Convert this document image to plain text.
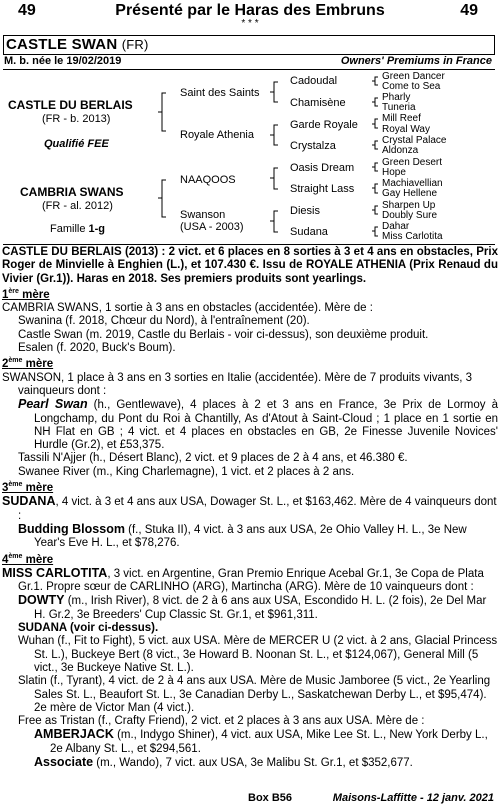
49	Présenté par le Haras des Embruns	49
* * *
CASTLE SWAN (FR)
M. b. née le 19/02/2019	Owners' Premiums in France
CASTLE DU BERLAIS
(FR - b. 2013)
Qualifié FEE
CAMBRIA SWANS
(FR - al. 2012)
Famille 1-g
Saint des Saints
Royale Athenia
NAAQOOS
Swanson
(USA - 2003)
Cadoudal
Chamisène
Garde Royale
Crystalza
Oasis Dream
Straight Lass
Diesis
Sudana
Green Dancer
Come to Sea
Pharly
Tuneria
Mill Reef
Royal Way
Crystal Palace
Aldonza
Green Desert
Hope
Machiavellian
Gay Hellene
Sharpen Up
Doubly Sure
Dahar
Miss Carlotita

CASTLE DU BERLAIS (2013) : 2 vict. et 6 places en 8 sorties à 3 et 4 ans en obstacles, Prix Roger de Minvielle à Enghien (L.), et 107.430 €. Issu de ROYALE ATHENIA (Prix Renaud du Vivier (Gr.1)). Haras en 2018. Ses premiers produits sont yearlings.

1ère mère

CAMBRIA SWANS, 1 sortie à 3 ans en obstacles (accidentée). Mère de :

Swanina (f. 2018, Chœur du Nord), à l'entraînement (20).

Castle Swan (m. 2019, Castle du Berlais - voir ci-dessus), son deuxième produit.

Esalen (f. 2020, Buck's Boum).

2ème mère

SWANSON, 1 place à 3 ans en 3 sorties en Italie (accidentée). Mère de 7 produits vivants, 3 vainqueurs dont :

Pearl Swan (h., Gentlewave), 4 places à 2 et 3 ans en France, 3e Prix de Lormoy à Longchamp, du Pont du Roi à Chantilly, As d'Atout à Saint-Cloud ; 1 place en 1 sortie en NH Flat en GB ; 4 vict. et 4 places en obstacles en GB, 2e Finesse Juvenile Novices' Hurdle (Gr.2), et £53,375.

Tassili N'Ajjer (h., Désert Blanc), 2 vict. et 9 places de 2 à 4 ans, et 46.380 €.

Swanee River (m., King Charlemagne), 1 vict. et 2 places à 2 ans.

3ème mère

SUDANA, 4 vict. à 3 et 4 ans aux USA, Dowager St. L., et $163,462. Mère de 4 vainqueurs dont :

Budding Blossom (f., Stuka II), 4 vict. à 3 ans aux USA, 2e Ohio Valley H. L., 3e New Year's Eve H. L., et $78,276.

4ème mère

MISS CARLOTITA, 3 vict. en Argentine, Gran Premio Enrique Acebal Gr.1, 3e Copa de Plata Gr.1. Propre sœur de CARLINHO (ARG), Martincha (ARG). Mère de 10 vainqueurs dont :

DOWTY (m., Irish River), 8 vict. de 2 à 6 ans aux USA, Escondido H. L. (2 fois), 2e Del Mar H. Gr.2, 3e Breeders' Cup Classic St. Gr.1, et $961,311.

SUDANA (voir ci-dessus).

Wuhan (f., Fit to Fight), 5 vict. aux USA. Mère de MERCER U (2 vict. à 2 ans, Glacial Princess St. L.), Buckeye Bert (8 vict., 3e Howard B. Noonan St. L., et $124,067), General Mill (5 vict., 3e Buckeye Native St. L.).

Slatin (f., Tyrant), 4 vict. de 2 à 4 ans aux USA. Mère de Music Jamboree (5 vict., 2e Yearling Sales St. L., Beaufort St. L., 3e Canadian Derby L., Saskatchewan Derby L., et $95,474). 2e mère de Victor Man (4 vict.).

Free as Tristan (f., Crafty Friend), 2 vict. et 2 places à 3 ans aux USA. Mère de :

AMBERJACK (m., Indygo Shiner), 4 vict. aux USA, Mike Lee St. L., New York Derby L., 2e Albany St. L., et $294,561.

Associate (m., Wando), 7 vict. aux USA, 3e Malibu St. Gr.1, et $352,677.

Box B56	Maisons-Laffitte - 12 janv. 2021
